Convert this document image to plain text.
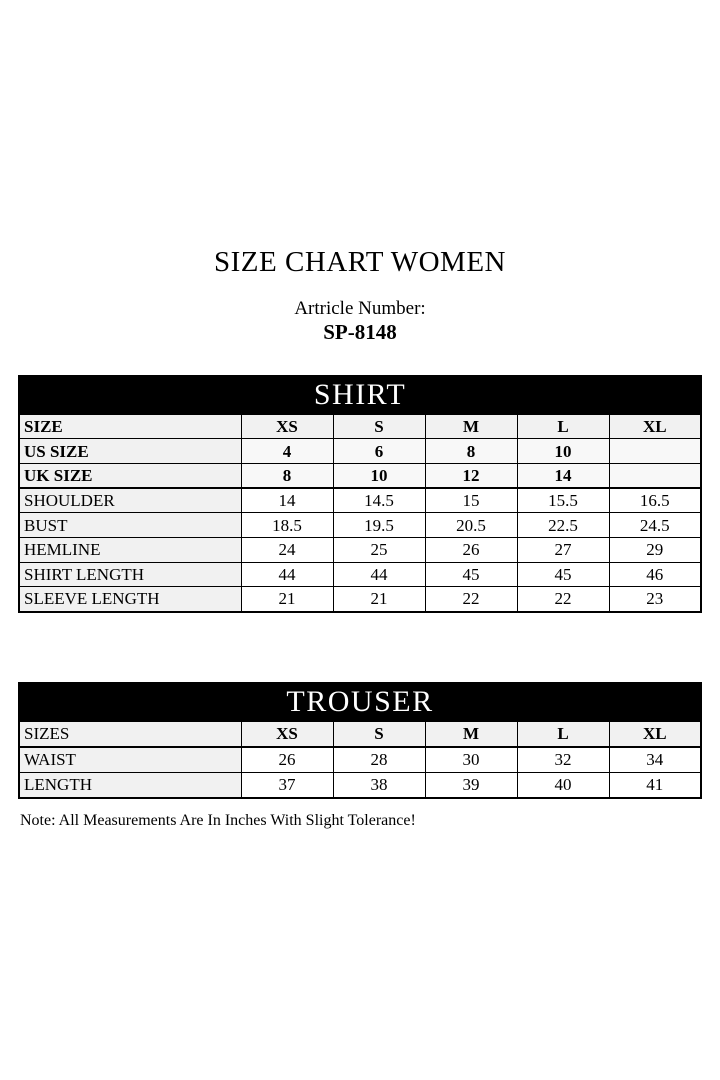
SIZE CHART WOMEN
Artricle Number:
SP-8148
SHIRT					
SIZE	XS	S	M	L	XL
US SIZE	4	6	8	10	
UK SIZE	8	10	12	14	
SHOULDER	14	14.5	15	15.5	16.5
BUST	18.5	19.5	20.5	22.5	24.5
HEMLINE	24	25	26	27	29
SHIRT LENGTH	44	44	45	45	46
SLEEVE LENGTH	21	21	22	22	23
TROUSER					
SIZES	XS	S	M	L	XL
WAIST	26	28	30	32	34
LENGTH	37	38	39	40	41
Note: All Measurements Are In Inches With Slight Tolerance!
